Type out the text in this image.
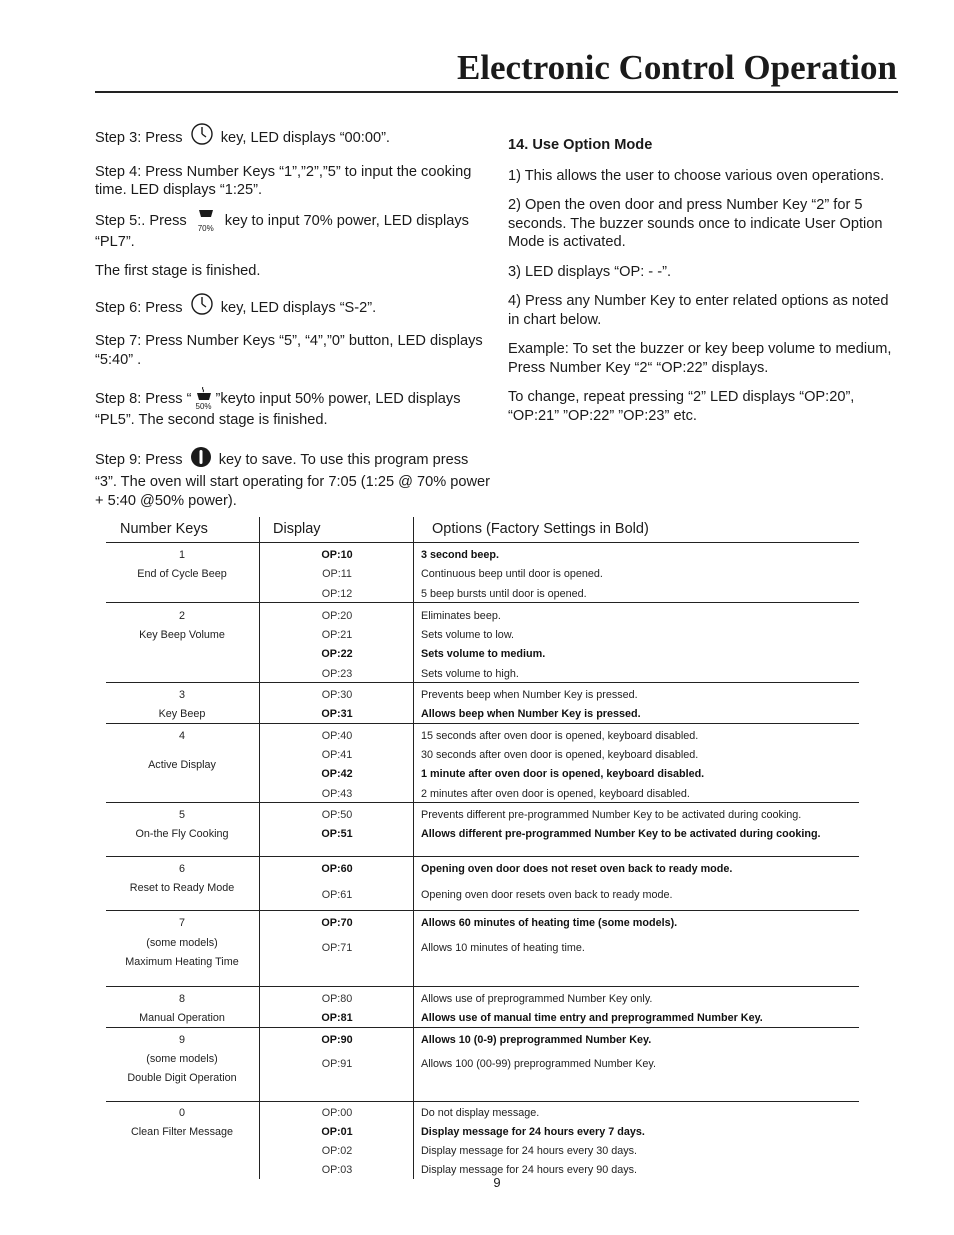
Electronic Control Operation

Step 3: Press	key, LED displays “00:00”.

Step 4: Press Number Keys “1”,”2”,”5” to input the cooking time. LED displays “1:25”.

Step 5:. Press	70% key to input 70% power, LED displays “PL7”.

The first stage is finished.

Step 6: Press	key, LED displays “S-2”.

Step 7: Press Number Keys “5”, “4”,”0” button, LED displays “5:40” .

Step 8: Press “ 50% ”keyto input 50% power, LED displays “PL5”. The second stage is finished.

Step 9: Press key to save. To use this program press “3”. The oven will start operating for 7:05 (1:25 @ 70% power + 5:40 @50% power).

14. Use Option Mode

1) This allows the user to choose various oven operations.

2) Open the oven door and press Number Key “2” for 5 seconds. The buzzer sounds once to indicate User Option Mode is activated.

3) LED displays “OP: - -”.

4) Press any Number Key to enter related options as noted in chart below.

Example: To set the buzzer or key beep volume to medium, Press Number Key “2“ “OP:22” displays.

To change, repeat pressing “2” LED displays “OP:20”, “OP:21” ”OP:22” ”OP:23” etc.

Number Keys	Display	Options (Factory Settings in Bold)
1
End of Cycle Beep
OP:10	3 second beep.
OP:11	Continuous beep until door is opened.
OP:12	5 beep bursts until door is opened.
2
Key Beep Volume
OP:20	Eliminates beep.
OP:21	Sets volume to low.
OP:22	Sets volume to medium.
OP:23	Sets volume to high.
3
Key Beep
OP:30	Prevents beep when Number Key is pressed.
OP:31	Allows beep when Number Key is pressed.
4
Active Display
OP:40	15 seconds after oven door is opened, keyboard disabled.
OP:41	30 seconds after oven door is opened, keyboard disabled.
OP:42	1 minute after oven door is opened, keyboard disabled.
OP:43	2 minutes after oven door is opened, keyboard disabled.
5
On-the Fly Cooking
OP:50	Prevents different pre-programmed Number Key to be activated during cooking.
OP:51	Allows different pre-programmed Number Key to be activated during cooking.
6
Reset to Ready Mode
OP:60	Opening oven door does not reset oven back to ready mode.
OP:61	Opening oven door resets oven back to ready mode.
7
(some models)
Maximum Heating Time
OP:70	Allows 60 minutes of heating time (some models).
OP:71	Allows 10 minutes of heating time.
8
Manual Operation
OP:80	Allows use of preprogrammed Number Key only.
OP:81	Allows use of manual time entry and preprogrammed Number Key.
9
(some models)
Double Digit Operation
OP:90	Allows 10 (0-9) preprogrammed Number Key.
OP:91	Allows 100 (00-99) preprogrammed Number Key.
0
Clean Filter Message
OP:00	Do not display message.
OP:01	Display message for 24 hours every 7 days.
OP:02	Display message for 24 hours every 30 days.
OP:03	Display message for 24 hours every 90 days.
9
